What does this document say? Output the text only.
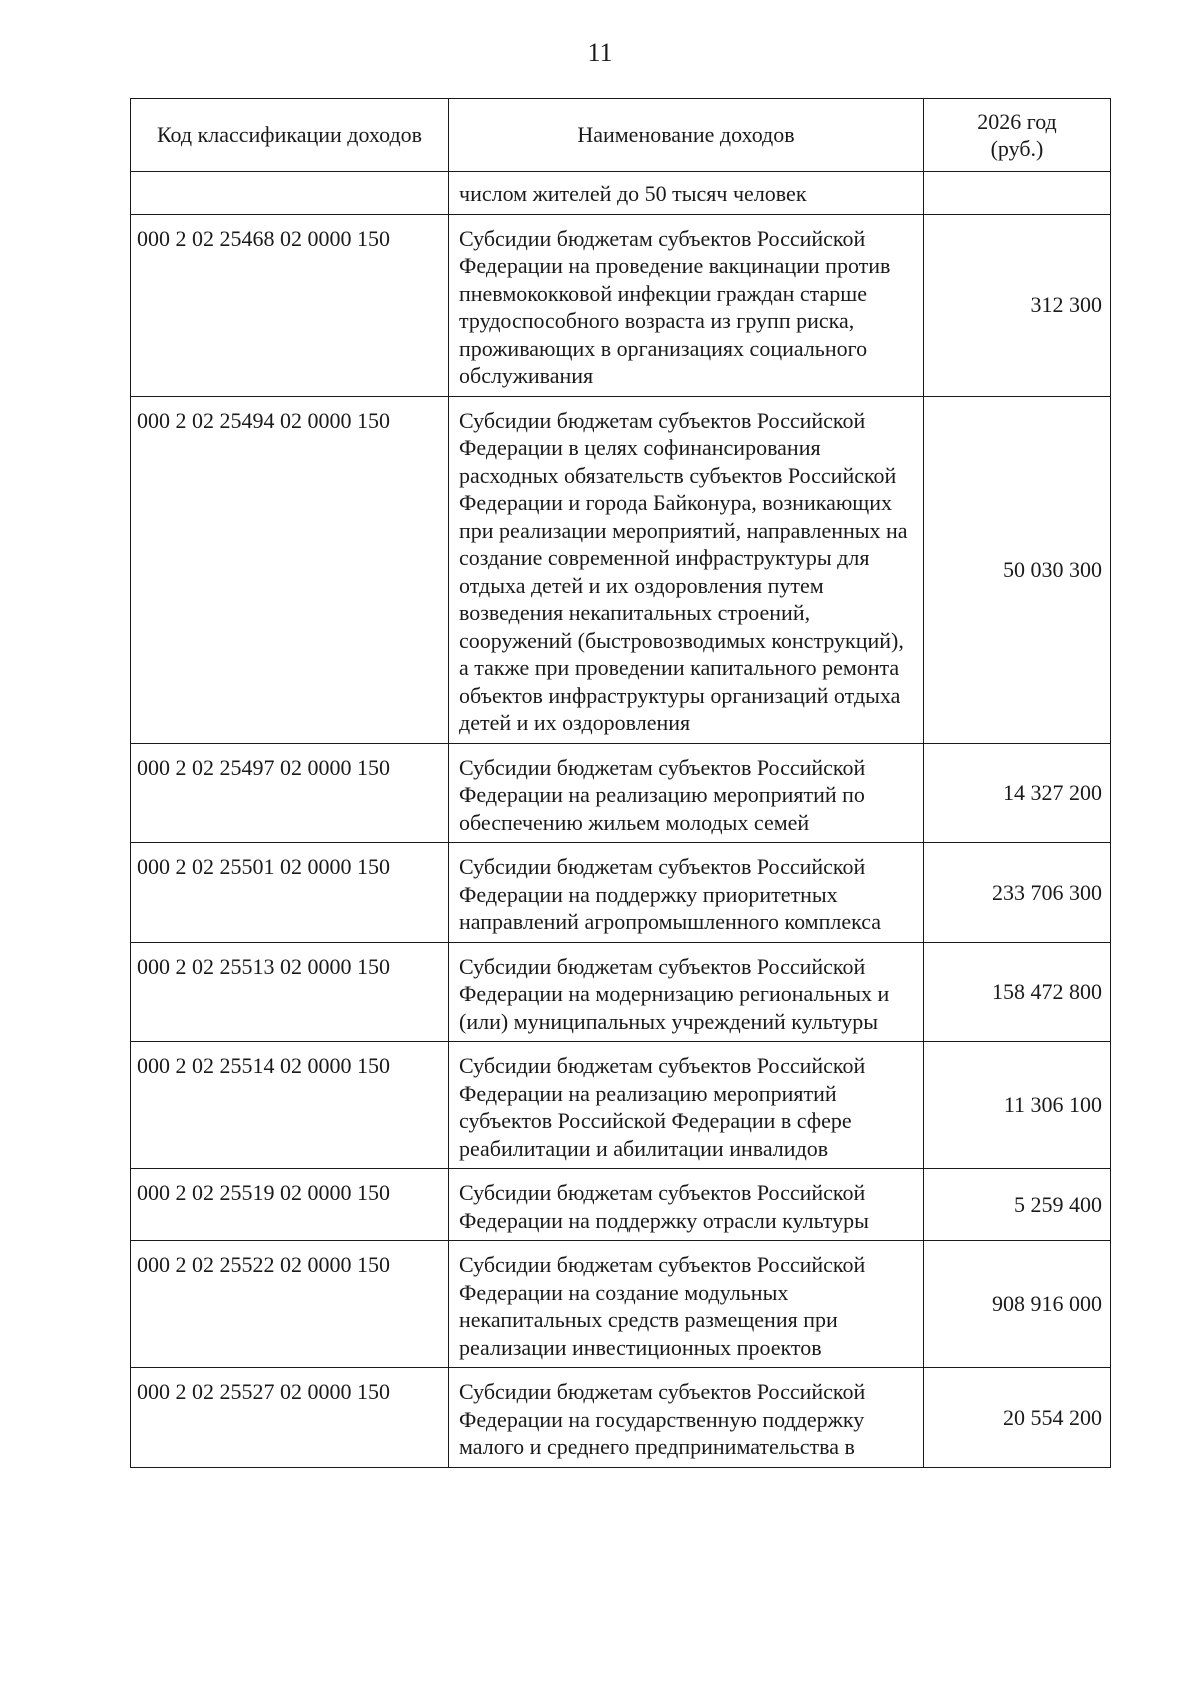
11
Код классификации доходов	Наименование доходов	2026 год
(руб.)

	числом жителей до 50 тысяч человек	
000 2 02 25468 02 0000 150	Субсидии бюджетам субъектов Российской Федерации на проведение вакцинации против пневмококковой инфекции граждан старше трудоспособного возраста из групп риска, проживающих в организациях социального обслуживания	312 300
000 2 02 25494 02 0000 150	Субсидии бюджетам субъектов Российской Федерации в целях софинансирования расходных обязательств субъектов Российской Федерации и города Байконура, возникающих при реализации мероприятий, направленных на создание современной инфраструктуры для отдыха детей и их оздоровления путем возведения некапитальных строений, сооружений (быстровозводимых конструкций), а также при проведении капитального ремонта объектов инфраструктуры организаций отдыха детей и их оздоровления	50 030 300
000 2 02 25497 02 0000 150	Субсидии бюджетам субъектов Российской Федерации на реализацию мероприятий по обеспечению жильем молодых семей	14 327 200
000 2 02 25501 02 0000 150	Субсидии бюджетам субъектов Российской Федерации на поддержку приоритетных направлений агропромышленного комплекса	233 706 300
000 2 02 25513 02 0000 150	Субсидии бюджетам субъектов Российской Федерации на модернизацию региональных и (или) муниципальных учреждений культуры	158 472 800
000 2 02 25514 02 0000 150	Субсидии бюджетам субъектов Российской Федерации на реализацию мероприятий субъектов Российской Федерации в сфере реабилитации и абилитации инвалидов	11 306 100
000 2 02 25519 02 0000 150	Субсидии бюджетам субъектов Российской Федерации на поддержку отрасли культуры	5 259 400
000 2 02 25522 02 0000 150	Субсидии бюджетам субъектов Российской Федерации на создание модульных некапитальных средств размещения при реализации инвестиционных проектов	908 916 000
000 2 02 25527 02 0000 150	Субсидии бюджетам субъектов Российской Федерации на государственную поддержку малого и среднего предпринимательства в	20 554 200
